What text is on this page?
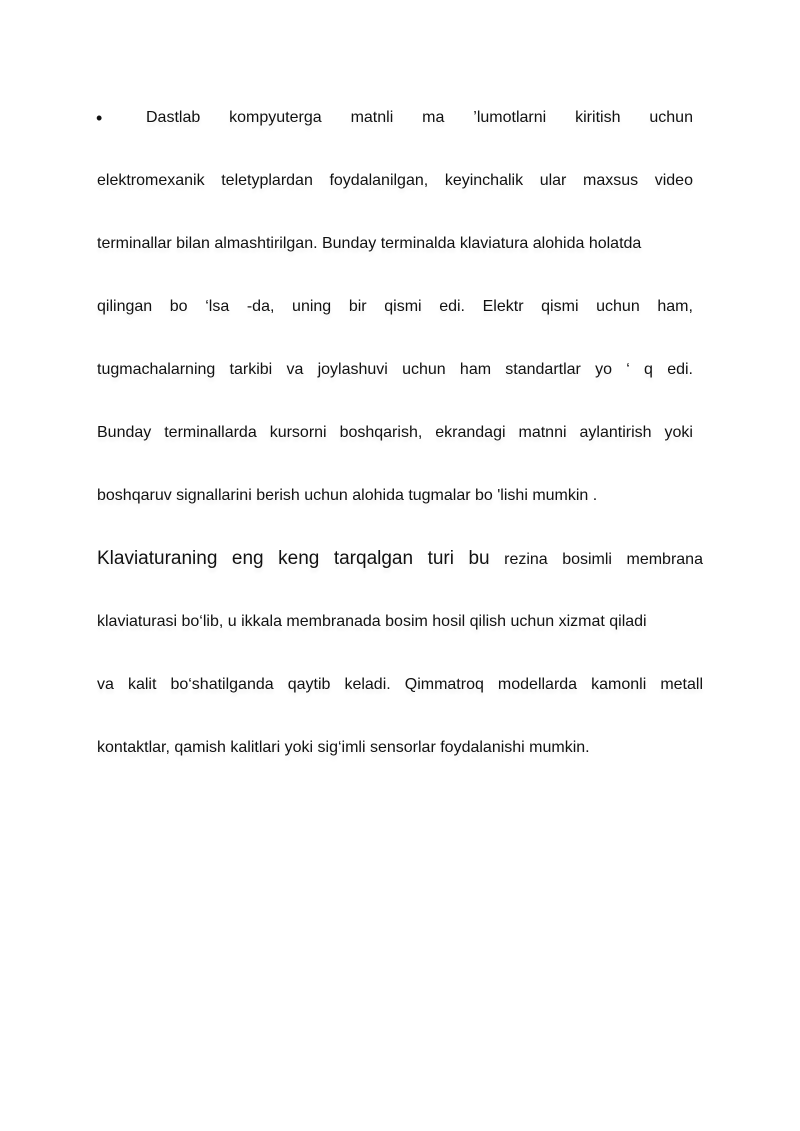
•	Dastlab kompyuterga matnli ma ’lumotlarni kiritish uchun
elektromexanik teletyplardan foydalanilgan, keyinchalik ular maxsus video
terminallar bilan almashtirilgan. Bunday terminalda klaviatura alohida holatda
qilingan bo ‘lsa -da, uning bir qismi edi. Elektr qismi uchun ham,
tugmachalarning tarkibi va joylashuvi uchun ham standartlar yo ‘ q edi.
Bunday terminallarda kursorni boshqarish, ekrandagi matnni aylantirish yoki
boshqaruv signallarini berish uchun alohida tugmalar bo 'lishi mumkin .
Klaviaturaning eng keng tarqalgan turi bu rezina bosimli membrana
klaviaturasi bo‘lib, u ikkala membranada bosim hosil qilish uchun xizmat qiladi
va kalit bo‘shatilganda qaytib keladi. Qimmatroq modellarda kamonli metall
kontaktlar, qamish kalitlari yoki sig‘imli sensorlar foydalanishi mumkin.
